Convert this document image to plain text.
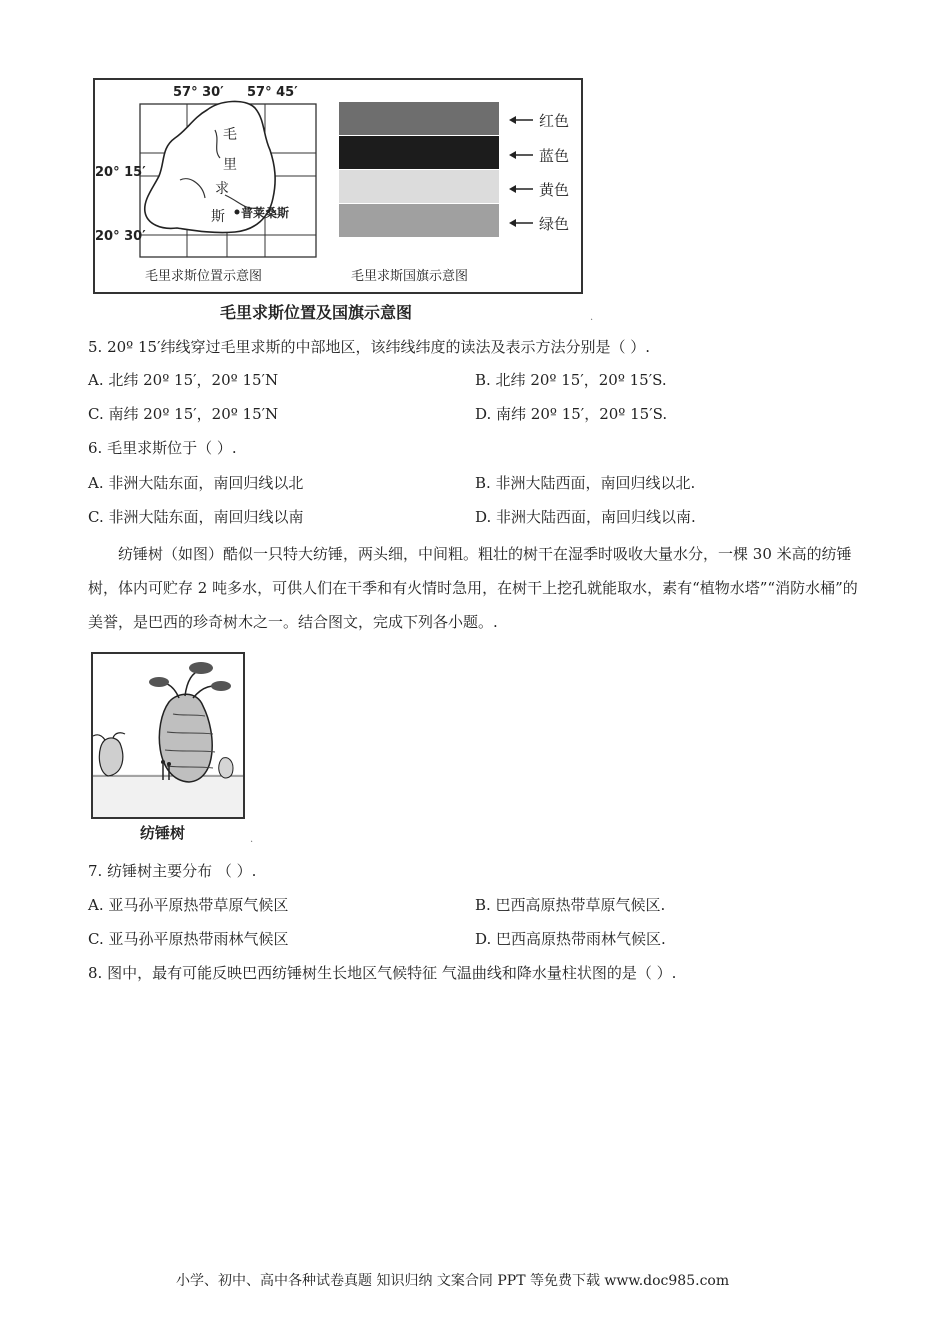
57° 30′ 57° 45′
20° 15′
20° 30′
毛
里
求
斯 普莱桑斯
毛里求斯位置示意图	毛里求斯国旗示意图
红色
蓝色
黄色
绿色
毛里求斯位置及国旗示意图	.
5. 20º 15′纬线穿过毛里求斯的中部地区，该纬线纬度的读法及表示方法分别是（ ）.
A. 北纬 20º 15′，20º 15′N	B. 北纬 20º 15′，20º 15′S.
C. 南纬 20º 15′，20º 15′N	D. 南纬 20º 15′，20º 15′S.
6. 毛里求斯位于（ ）.
A. 非洲大陆东面，南回归线以北	B. 非洲大陆西面，南回归线以北.
C. 非洲大陆东面，南回归线以南	D. 非洲大陆西面，南回归线以南.
纺锤树（如图）酷似一只特大纺锤，两头细，中间粗。粗壮的树干在湿季时吸收大量水分，一棵 30 米高的纺锤树，体内可贮存 2 吨多水，可供人们在干季和有火情时急用，在树干上挖孔就能取水，素有“植物水塔”“消防水桶”的美誉，是巴西的珍奇树木之一。结合图文，完成下列各小题。.
纺锤树	.
7. 纺锤树主要分布 （ ）.
A. 亚马孙平原热带草原气候区	B. 巴西高原热带草原气候区.
C. 亚马孙平原热带雨林气候区	D. 巴西高原热带雨林气候区.
8. 图中，最有可能反映巴西纺锤树生长地区气候特征 气温曲线和降水量柱状图的是（ ）.
小学、初中、高中各种试卷真题 知识归纳 文案合同 PPT 等免费下载 www.doc985.com
